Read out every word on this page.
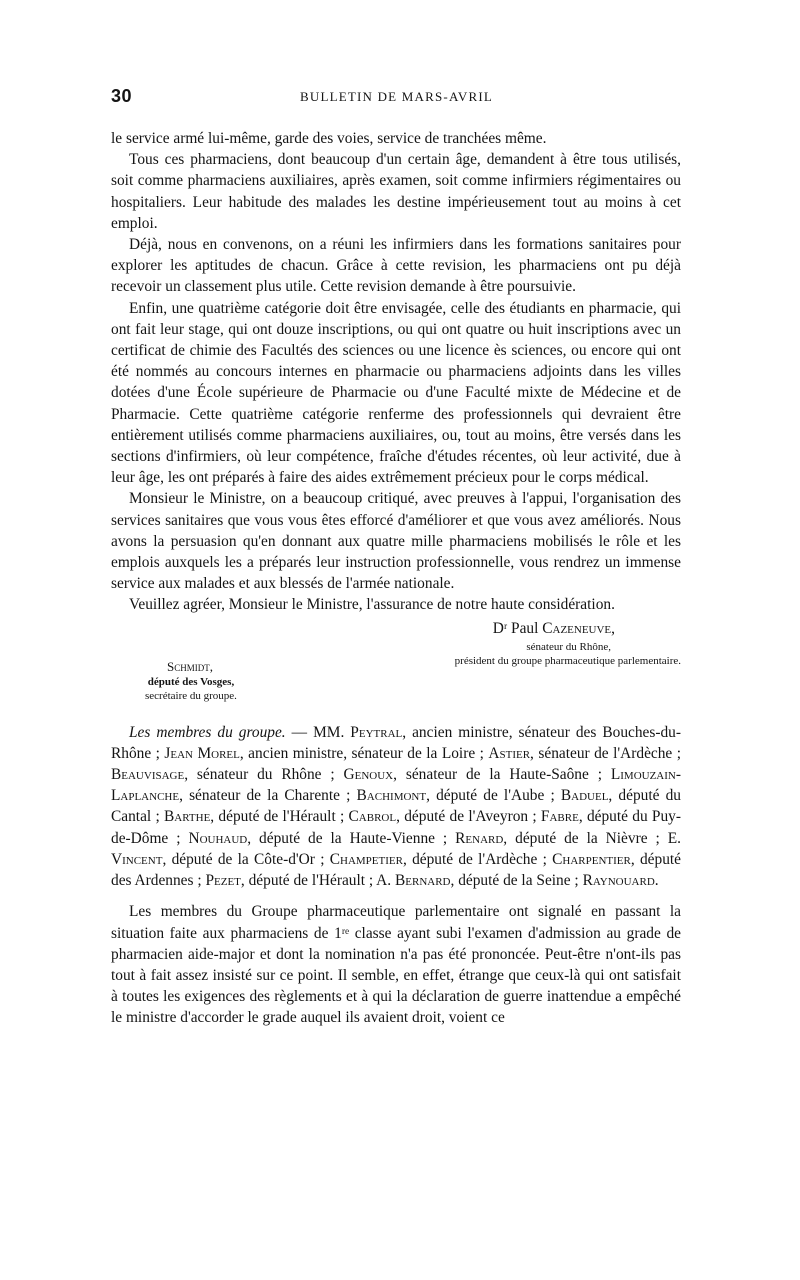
30	BULLETIN DE MARS-AVRIL

le service armé lui-même, garde des voies, service de tranchées même.

Tous ces pharmaciens, dont beaucoup d'un certain âge, demandent à être tous utilisés, soit comme pharmaciens auxiliaires, après examen, soit comme infirmiers régimentaires ou hospitaliers. Leur habitude des malades les destine impérieusement tout au moins à cet emploi.

Déjà, nous en convenons, on a réuni les infirmiers dans les formations sanitaires pour explorer les aptitudes de chacun. Grâce à cette revision, les pharmaciens ont pu déjà recevoir un classement plus utile. Cette revision demande à être poursuivie.

Enfin, une quatrième catégorie doit être envisagée, celle des étudiants en pharmacie, qui ont fait leur stage, qui ont douze inscriptions, ou qui ont quatre ou huit inscriptions avec un certificat de chimie des Facultés des sciences ou une licence ès sciences, ou encore qui ont été nommés au concours internes en pharmacie ou pharmaciens adjoints dans les villes dotées d'une École supérieure de Pharmacie ou d'une Faculté mixte de Médecine et de Pharmacie. Cette quatrième catégorie renferme des professionnels qui devraient être entièrement utilisés comme pharmaciens auxiliaires, ou, tout au moins, être versés dans les sections d'infirmiers, où leur compétence, fraîche d'études récentes, où leur activité, due à leur âge, les ont préparés à faire des aides extrêmement précieux pour le corps médical.

Monsieur le Ministre, on a beaucoup critiqué, avec preuves à l'appui, l'organisation des services sanitaires que vous vous êtes efforcé d'améliorer et que vous avez améliorés. Nous avons la persuasion qu'en donnant aux quatre mille pharmaciens mobilisés le rôle et les emplois auxquels les a préparés leur instruction professionnelle, vous rendrez un immense service aux malades et aux blessés de l'armée nationale.

Veuillez agréer, Monsieur le Ministre, l'assurance de notre haute considération.

Dʳ Paul Cazeneuve,
sénateur du Rhône,
président du groupe pharmaceutique parlementaire.
Schmidt,
député des Vosges,
secrétaire du groupe.

Les membres du groupe. — MM. Peytral, ancien ministre, sénateur des Bouches-du-Rhône ; Jean Morel, ancien ministre, sénateur de la Loire ; Astier, sénateur de l'Ardèche ; Beauvisage, sénateur du Rhône ; Genoux, sénateur de la Haute-Saône ; Limouzain-Laplanche, sénateur de la Charente ; Bachimont, député de l'Aube ; Baduel, député du Cantal ; Barthe, député de l'Hérault ; Cabrol, député de l'Aveyron ; Fabre, député du Puy-de-Dôme ; Nouhaud, député de la Haute-Vienne ; Renard, député de la Nièvre ; E. Vincent, député de la Côte-d'Or ; Champetier, député de l'Ardèche ; Charpentier, député des Ardennes ; Pezet, député de l'Hérault ; A. Bernard, député de la Seine ; Raynouard.

Les membres du Groupe pharmaceutique parlementaire ont signalé en passant la situation faite aux pharmaciens de 1ʳᵉ classe ayant subi l'examen d'admission au grade de pharmacien aide-major et dont la nomination n'a pas été prononcée. Peut-être n'ont-ils pas tout à fait assez insisté sur ce point. Il semble, en effet, étrange que ceux-là qui ont satisfait à toutes les exigences des règlements et à qui la déclaration de guerre inattendue a empêché le ministre d'accorder le grade auquel ils avaient droit, voient ce
